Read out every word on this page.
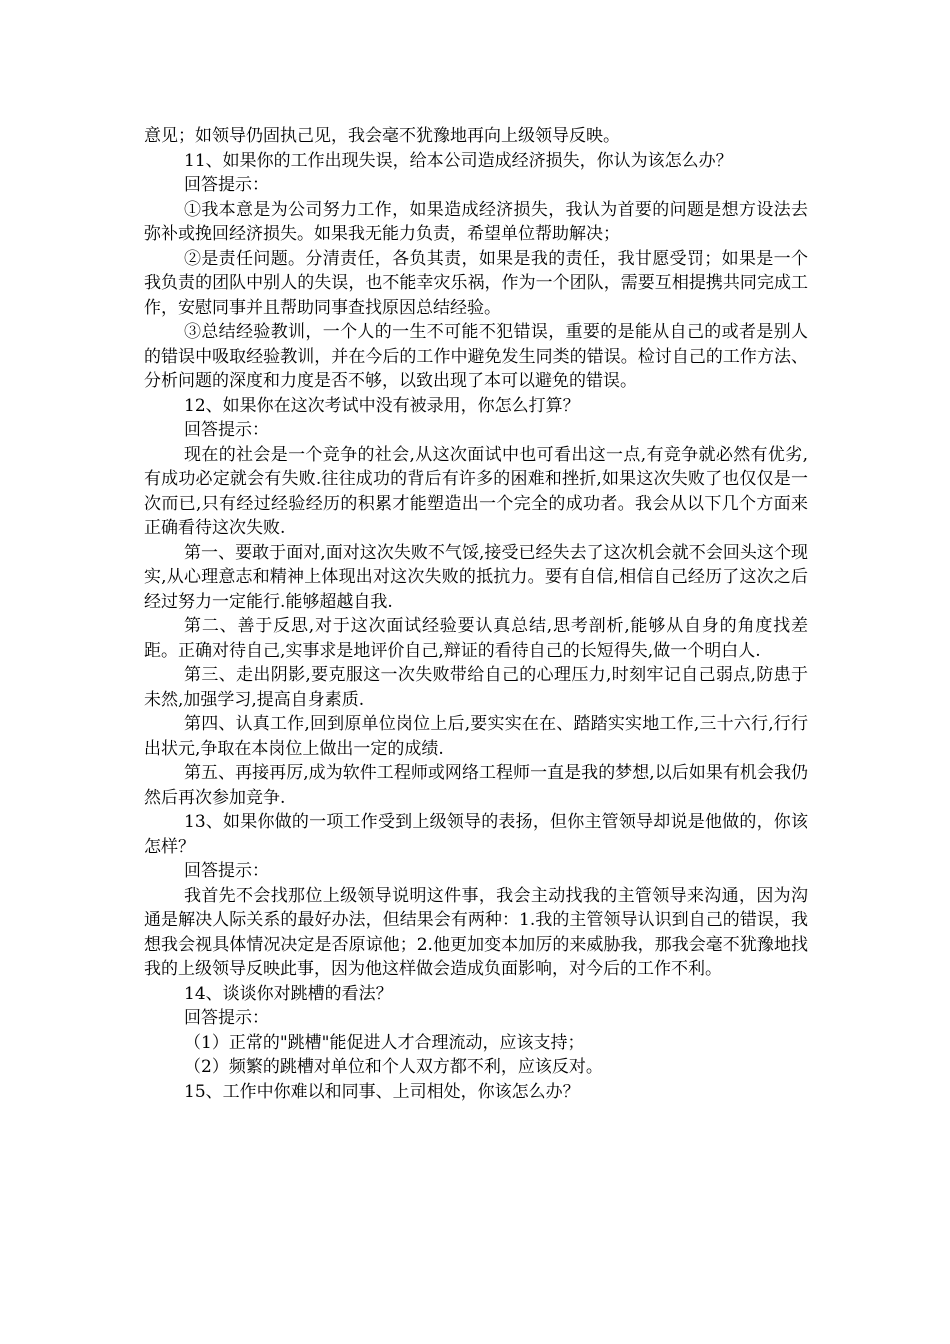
意见；如领导仍固执己见，我会毫不犹豫地再向上级领导反映。

11、如果你的工作出现失误，给本公司造成经济损失，你认为该怎么办？

回答提示：

①我本意是为公司努力工作，如果造成经济损失，我认为首要的问题是想方设法去弥补或挽回经济损失。如果我无能力负责，希望单位帮助解决；

②是责任问题。分清责任，各负其责，如果是我的责任，我甘愿受罚；如果是一个我负责的团队中别人的失误，也不能幸灾乐祸，作为一个团队，需要互相提携共同完成工作，安慰同事并且帮助同事查找原因总结经验。

③总结经验教训，一个人的一生不可能不犯错误，重要的是能从自己的或者是别人的错误中吸取经验教训，并在今后的工作中避免发生同类的错误。检讨自己的工作方法、分析问题的深度和力度是否不够，以致出现了本可以避免的错误。

12、如果你在这次考试中没有被录用，你怎么打算？

回答提示：

现在的社会是一个竞争的社会,从这次面试中也可看出这一点,有竞争就必然有优劣,有成功必定就会有失败.往往成功的背后有许多的困难和挫折,如果这次失败了也仅仅是一次而已,只有经过经验经历的积累才能塑造出一个完全的成功者。我会从以下几个方面来正确看待这次失败.

第一、要敢于面对,面对这次失败不气馁,接受已经失去了这次机会就不会回头这个现实,从心理意志和精神上体现出对这次失败的抵抗力。要有自信,相信自己经历了这次之后经过努力一定能行.能够超越自我.

第二、善于反思,对于这次面试经验要认真总结,思考剖析,能够从自身的角度找差距。正确对待自己,实事求是地评价自己,辩证的看待自己的长短得失,做一个明白人.

第三、走出阴影,要克服这一次失败带给自己的心理压力,时刻牢记自己弱点,防患于未然,加强学习,提高自身素质.

第四、认真工作,回到原单位岗位上后,要实实在在、踏踏实实地工作,三十六行,行行出状元,争取在本岗位上做出一定的成绩.

第五、再接再厉,成为软件工程师或网络工程师一直是我的梦想,以后如果有机会我仍然后再次参加竞争.

13、如果你做的一项工作受到上级领导的表扬，但你主管领导却说是他做的，你该怎样？

回答提示：

我首先不会找那位上级领导说明这件事，我会主动找我的主管领导来沟通，因为沟通是解决人际关系的最好办法，但结果会有两种：1.我的主管领导认识到自己的错误，我想我会视具体情况决定是否原谅他；2.他更加变本加厉的来威胁我，那我会毫不犹豫地找我的上级领导反映此事，因为他这样做会造成负面影响，对今后的工作不利。

14、谈谈你对跳槽的看法？

回答提示：

（1）正常的"跳槽"能促进人才合理流动，应该支持；

（2）频繁的跳槽对单位和个人双方都不利，应该反对。

15、工作中你难以和同事、上司相处，你该怎么办？
